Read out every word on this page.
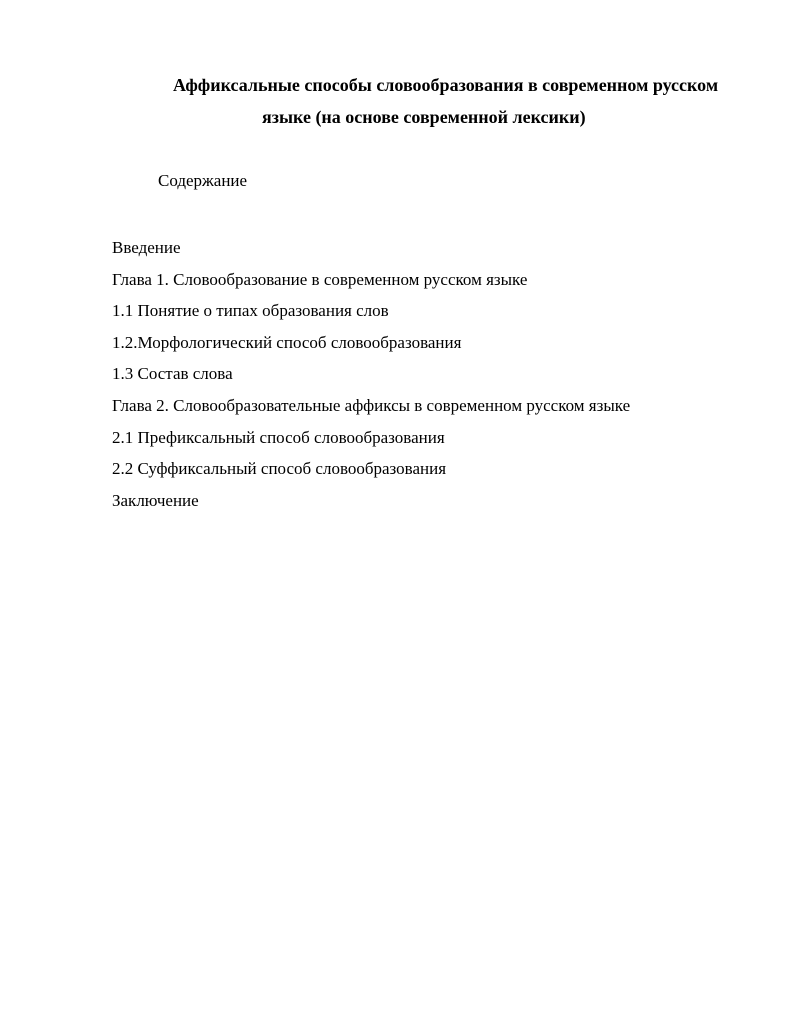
Аффиксальные способы словообразования в современном русском
языке (на основе современной лексики)
Содержание
Введение
Глава 1. Словообразование в современном русском языке
1.1 Понятие о типах образования слов
1.2.Морфологический способ словообразования
1.3 Состав слова
Глава 2. Словообразовательные аффиксы в современном русском языке
2.1 Префиксальный способ словообразования
2.2 Суффиксальный способ словообразования
Заключение
